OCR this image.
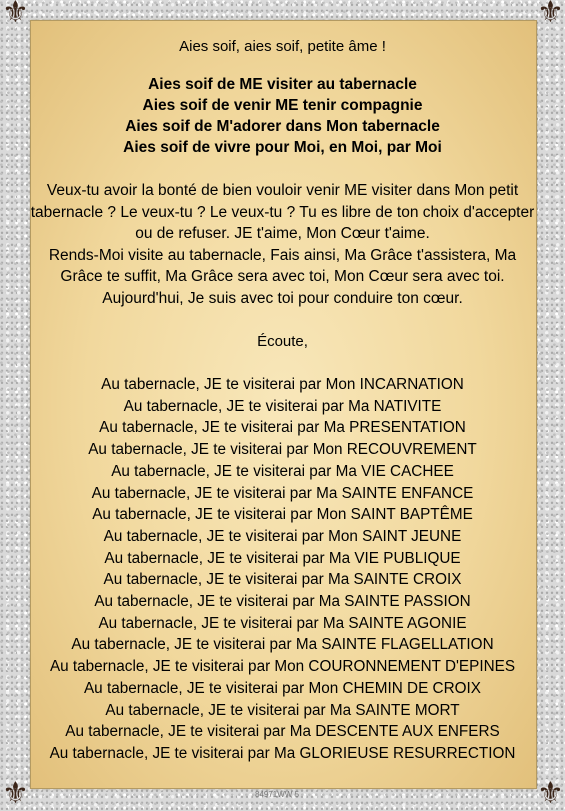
⚜	⚜
⚜	⚜
Aies soif, aies soif, petite âme !
Aies soif de ME visiter au tabernacle
Aies soif de venir ME tenir compagnie
Aies soif de M'adorer dans Mon tabernacle
Aies soif de vivre pour Moi, en Moi, par Moi
Veux-tu avoir la bonté de bien vouloir venir ME visiter dans Mon petit
tabernacle ? Le veux-tu ? Le veux-tu ? Tu es libre de ton choix d'accepter
ou de refuser. JE t'aime, Mon Cœur t'aime.
Rends-Moi visite au tabernacle, Fais ainsi, Ma Grâce t'assistera, Ma
Grâce te suffit, Ma Grâce sera avec toi, Mon Cœur sera avec toi.
Aujourd'hui, Je suis avec toi pour conduire ton cœur.
Écoute,
Au tabernacle, JE te visiterai par Mon INCARNATION
Au tabernacle, JE te visiterai par Ma NATIVITE
Au tabernacle, JE te visiterai par Ma PRESENTATION
Au tabernacle, JE te visiterai par Mon RECOUVREMENT
Au tabernacle, JE te visiterai par Ma VIE CACHEE
Au tabernacle, JE te visiterai par Ma SAINTE ENFANCE
Au tabernacle, JE te visiterai par Mon SAINT BAPTÊME
Au tabernacle, JE te visiterai par Mon SAINT JEUNE
Au tabernacle, JE te visiterai par Ma VIE PUBLIQUE
Au tabernacle, JE te visiterai par Ma SAINTE CROIX
Au tabernacle, JE te visiterai par Ma SAINTE PASSION
Au tabernacle, JE te visiterai par Ma SAINTE AGONIE
Au tabernacle, JE te visiterai par Ma SAINTE FLAGELLATION
Au tabernacle, JE te visiterai par Mon COURONNEMENT D'EPINES
Au tabernacle, JE te visiterai par Mon CHEMIN DE CROIX
Au tabernacle, JE te visiterai par Ma SAINTE MORT
Au tabernacle, JE te visiterai par Ma DESCENTE AUX ENFERS
Au tabernacle, JE te visiterai par Ma GLORIEUSE RESURRECTION
84971WW 5
